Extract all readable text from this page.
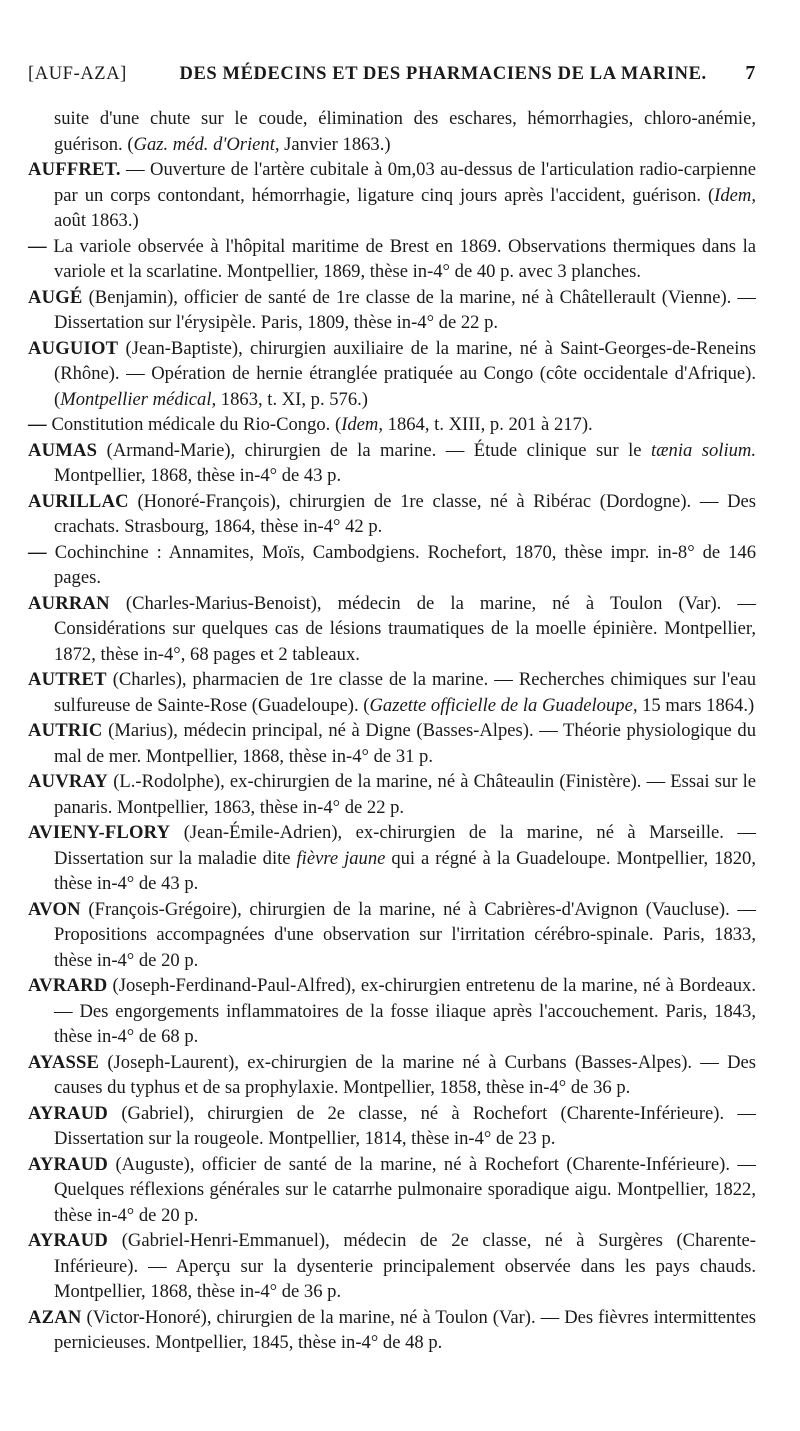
[AUF-AZA]	DES MÉDECINS ET DES PHARMACIENS DE LA MARINE.	7

suite d'une chute sur le coude, élimination des eschares, hémorrhagies, chloro-anémie, guérison. (Gaz. méd. d'Orient, Janvier 1863.)

AUFFRET. — Ouverture de l'artère cubitale à 0m,03 au-dessus de l'articulation radio-carpienne par un corps contondant, hémorrhagie, ligature cinq jours après l'accident, guérison. (Idem, août 1863.)

— La variole observée à l'hôpital maritime de Brest en 1869. Observations thermiques dans la variole et la scarlatine. Montpellier, 1869, thèse in-4° de 40 p. avec 3 planches.

AUGÉ (Benjamin), officier de santé de 1re classe de la marine, né à Châtellerault (Vienne). — Dissertation sur l'érysipèle. Paris, 1809, thèse in-4° de 22 p.

AUGUIOT (Jean-Baptiste), chirurgien auxiliaire de la marine, né à Saint-Georges-de-Reneins (Rhône). — Opération de hernie étranglée pratiquée au Congo (côte occidentale d'Afrique). (Montpellier médical, 1863, t. XI, p. 576.)

— Constitution médicale du Rio-Congo. (Idem, 1864, t. XIII, p. 201 à 217).

AUMAS (Armand-Marie), chirurgien de la marine. — Étude clinique sur le tænia solium. Montpellier, 1868, thèse in-4° de 43 p.

AURILLAC (Honoré-François), chirurgien de 1re classe, né à Ribérac (Dordogne). — Des crachats. Strasbourg, 1864, thèse in-4° 42 p.

— Cochinchine : Annamites, Moïs, Cambodgiens. Rochefort, 1870, thèse impr. in-8° de 146 pages.

AURRAN (Charles-Marius-Benoist), médecin de la marine, né à Toulon (Var). — Considérations sur quelques cas de lésions traumatiques de la moelle épinière. Montpellier, 1872, thèse in-4°, 68 pages et 2 tableaux.

AUTRET (Charles), pharmacien de 1re classe de la marine. — Recherches chimiques sur l'eau sulfureuse de Sainte-Rose (Guadeloupe). (Gazette officielle de la Guadeloupe, 15 mars 1864.)

AUTRIC (Marius), médecin principal, né à Digne (Basses-Alpes). — Théorie physiologique du mal de mer. Montpellier, 1868, thèse in-4° de 31 p.

AUVRAY (L.-Rodolphe), ex-chirurgien de la marine, né à Châteaulin (Finistère). — Essai sur le panaris. Montpellier, 1863, thèse in-4° de 22 p.

AVIENY-FLORY (Jean-Émile-Adrien), ex-chirurgien de la marine, né à Marseille. — Dissertation sur la maladie dite fièvre jaune qui a régné à la Guadeloupe. Montpellier, 1820, thèse in-4° de 43 p.

AVON (François-Grégoire), chirurgien de la marine, né à Cabrières-d'Avignon (Vaucluse). — Propositions accompagnées d'une observation sur l'irritation cérébro-spinale. Paris, 1833, thèse in-4° de 20 p.

AVRARD (Joseph-Ferdinand-Paul-Alfred), ex-chirurgien entretenu de la marine, né à Bordeaux. — Des engorgements inflammatoires de la fosse iliaque après l'accouchement. Paris, 1843, thèse in-4° de 68 p.

AYASSE (Joseph-Laurent), ex-chirurgien de la marine né à Curbans (Basses-Alpes). — Des causes du typhus et de sa prophylaxie. Montpellier, 1858, thèse in-4° de 36 p.

AYRAUD (Gabriel), chirurgien de 2e classe, né à Rochefort (Charente-Inférieure). — Dissertation sur la rougeole. Montpellier, 1814, thèse in-4° de 23 p.

AYRAUD (Auguste), officier de santé de la marine, né à Rochefort (Charente-Inférieure). — Quelques réflexions générales sur le catarrhe pulmonaire sporadique aigu. Montpellier, 1822, thèse in-4° de 20 p.

AYRAUD (Gabriel-Henri-Emmanuel), médecin de 2e classe, né à Surgères (Charente-Inférieure). — Aperçu sur la dysenterie principalement observée dans les pays chauds. Montpellier, 1868, thèse in-4° de 36 p.

AZAN (Victor-Honoré), chirurgien de la marine, né à Toulon (Var). — Des fièvres intermittentes pernicieuses. Montpellier, 1845, thèse in-4° de 48 p.
